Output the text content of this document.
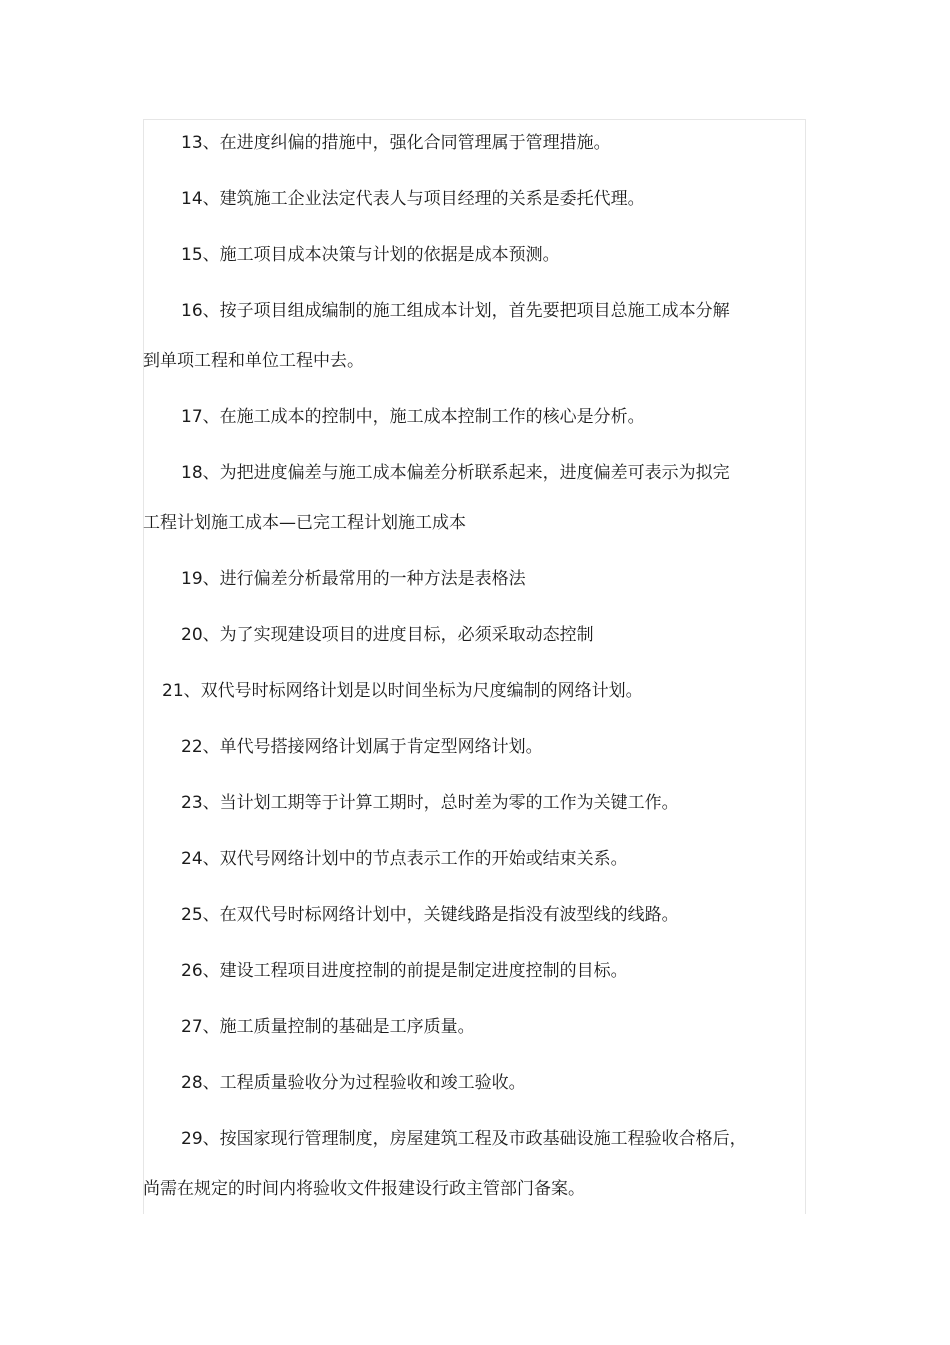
13、在进度纠偏的措施中，强化合同管理属于管理措施。

14、建筑施工企业法定代表人与项目经理的关系是委托代理。

15、施工项目成本决策与计划的依据是成本预测。

16、按子项目组成编制的施工组成本计划，首先要把项目总施工成本分解
到单项工程和单位工程中去。

17、在施工成本的控制中，施工成本控制工作的核心是分析。

18、为把进度偏差与施工成本偏差分析联系起来，进度偏差可表示为拟完
工程计划施工成本—已完工程计划施工成本

19、进行偏差分析最常用的一种方法是表格法

20、为了实现建设项目的进度目标，必须采取动态控制

21、双代号时标网络计划是以时间坐标为尺度编制的网络计划。

22、单代号搭接网络计划属于肯定型网络计划。

23、当计划工期等于计算工期时，总时差为零的工作为关键工作。

24、双代号网络计划中的节点表示工作的开始或结束关系。

25、在双代号时标网络计划中，关键线路是指没有波型线的线路。

26、建设工程项目进度控制的前提是制定进度控制的目标。

27、施工质量控制的基础是工序质量。

28、工程质量验收分为过程验收和竣工验收。

29、按国家现行管理制度，房屋建筑工程及市政基础设施工程验收合格后，
尚需在规定的时间内将验收文件报建设行政主管部门备案。
